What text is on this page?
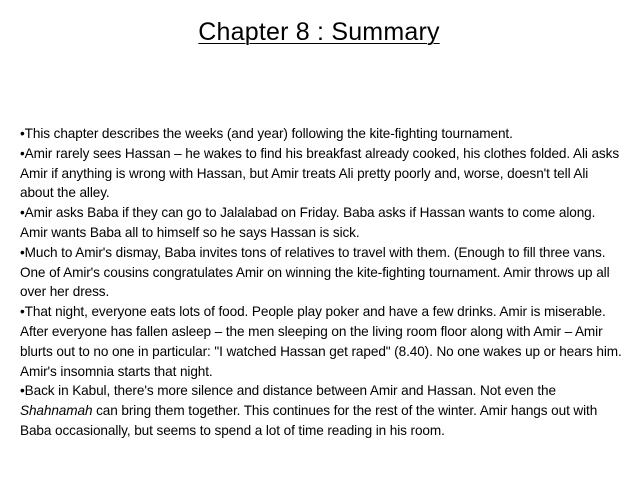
Chapter 8 : Summary

•This chapter describes the weeks (and year) following the kite-fighting tournament.

•Amir rarely sees Hassan – he wakes to find his breakfast already cooked, his clothes folded. Ali asks Amir if anything is wrong with Hassan, but Amir treats Ali pretty poorly and, worse, doesn't tell Ali about the alley.

•Amir asks Baba if they can go to Jalalabad on Friday. Baba asks if Hassan wants to come along. Amir wants Baba all to himself so he says Hassan is sick.

•Much to Amir's dismay, Baba invites tons of relatives to travel with them. (Enough to fill three vans. One of Amir's cousins congratulates Amir on winning the kite-fighting tournament. Amir throws up all over her dress.

•That night, everyone eats lots of food. People play poker and have a few drinks. Amir is miserable. After everyone has fallen asleep – the men sleeping on the living room floor along with Amir – Amir blurts out to no one in particular: "I watched Hassan get raped" (8.40). No one wakes up or hears him. Amir's insomnia starts that night.

•Back in Kabul, there's more silence and distance between Amir and Hassan. Not even the Shahnamah can bring them together. This continues for the rest of the winter. Amir hangs out with Baba occasionally, but seems to spend a lot of time reading in his room.
